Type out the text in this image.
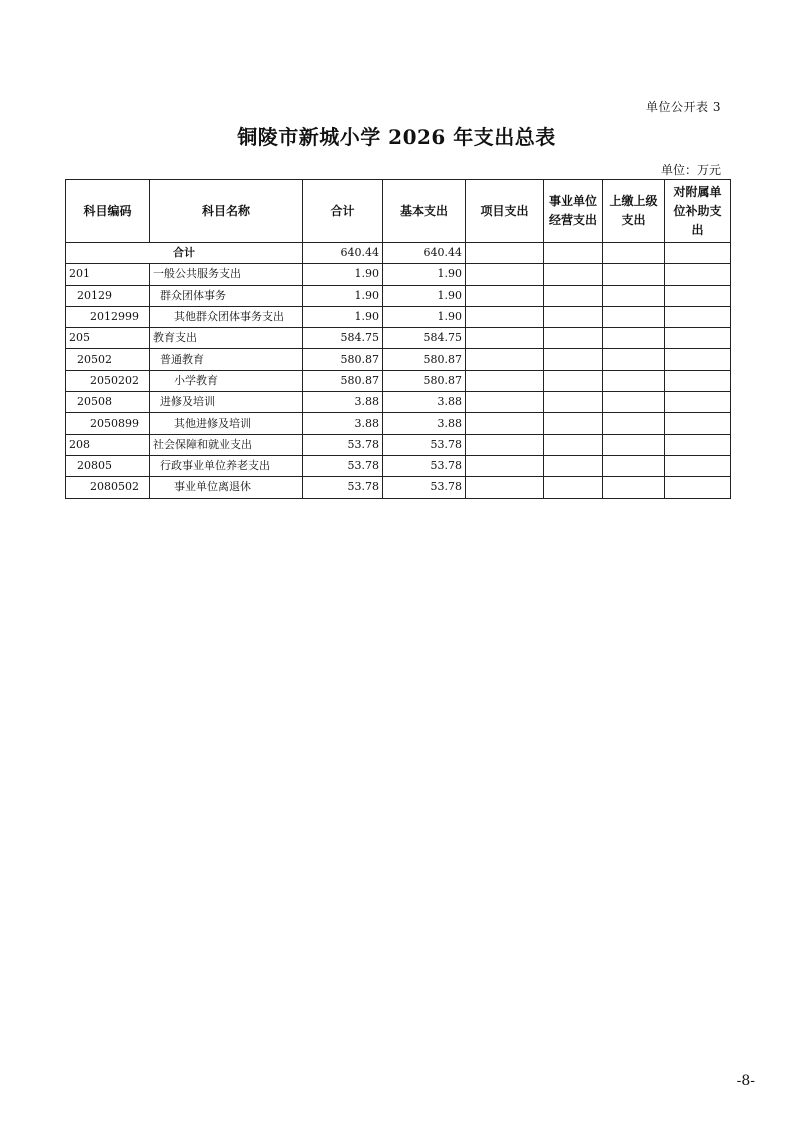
单位公开表 3
铜陵市新城小学 2026 年支出总表
单位：万元
科目编码	科目名称	合计	基本支出	项目支出	事业单位经营支出	上缴上级支出	对附属单位补助支出
合计		640.44	640.44				
201	一般公共服务支出	1.90	1.90				
20129	群众团体事务	1.90	1.90				
2012999	其他群众团体事务支出	1.90	1.90				
205	教育支出	584.75	584.75				
20502	普通教育	580.87	580.87				
2050202	小学教育	580.87	580.87				
20508	进修及培训	3.88	3.88				
2050899	其他进修及培训	3.88	3.88				
208	社会保障和就业支出	53.78	53.78				
20805	行政事业单位养老支出	53.78	53.78				
2080502	事业单位离退休	53.78	53.78				
-8-
